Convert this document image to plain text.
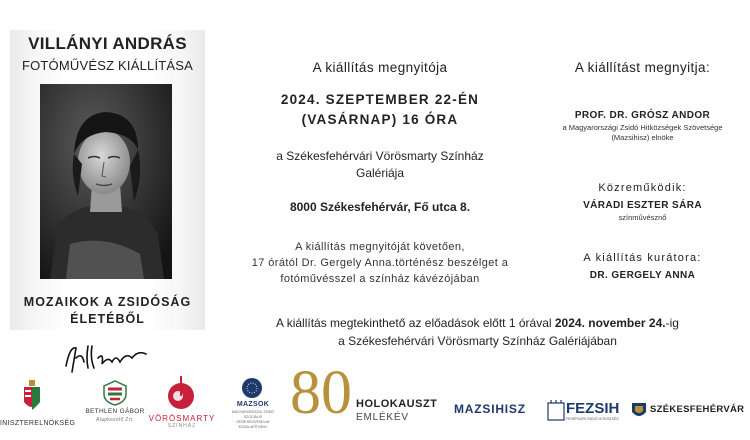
VILLÁNYI ANDRÁS
FOTÓMŰVÉSZ KIÁLLÍTÁSA
MOZAIKOK A ZSIDÓSÁG
ÉLETÉBŐL
A kiállítás megnyitója
2024. SZEPTEMBER 22-ÉN
(VASÁRNAP) 16 ÓRA
a Székesfehérvári Vörösmarty Színház
Galériája
8000 Székesfehérvár, Fő utca 8.
A kiállítás megnyitóját követően,
17 órától Dr. Gergely Anna.történész beszélget a
fotóművésszel a színház kávézójában
A kiállítást megnyitja:
PROF. DR. GRÓSZ ANDOR
a Magyarországi Zsidó Hitközségek Szövetsége
(Mazsihisz) elnöke
Közreműködik:
VÁRADI ESZTER SÁRA
színművésznő
A kiállítás kurátora:
DR. GERGELY ANNA
A kiállítás megtekinthető az előadások előtt 1 órával 2024. november 24.-ig
a Székesfehérvári Vörösmarty Színház Galériájában
INISZTERELNÖKSÉG
BETHLEN GÁBOR
Alapkezelő Zrt.	VÖRÖSMARTY
SZÍNHÁZ
MAZSOK
MAGYARORSZÁGI ZSIDÓ SZOCIÁLIS ÖRÖKSÉGVÉDELMI KÖZALAPÍTVÁNY 80 HOLOKAUSZT
EMLÉKÉV
MAZSIHISZ	FEZSIH
FEHÉRVÁRI ZSIDÓ HITKÖZSÉG
SZÉKESFEHÉRVÁR
